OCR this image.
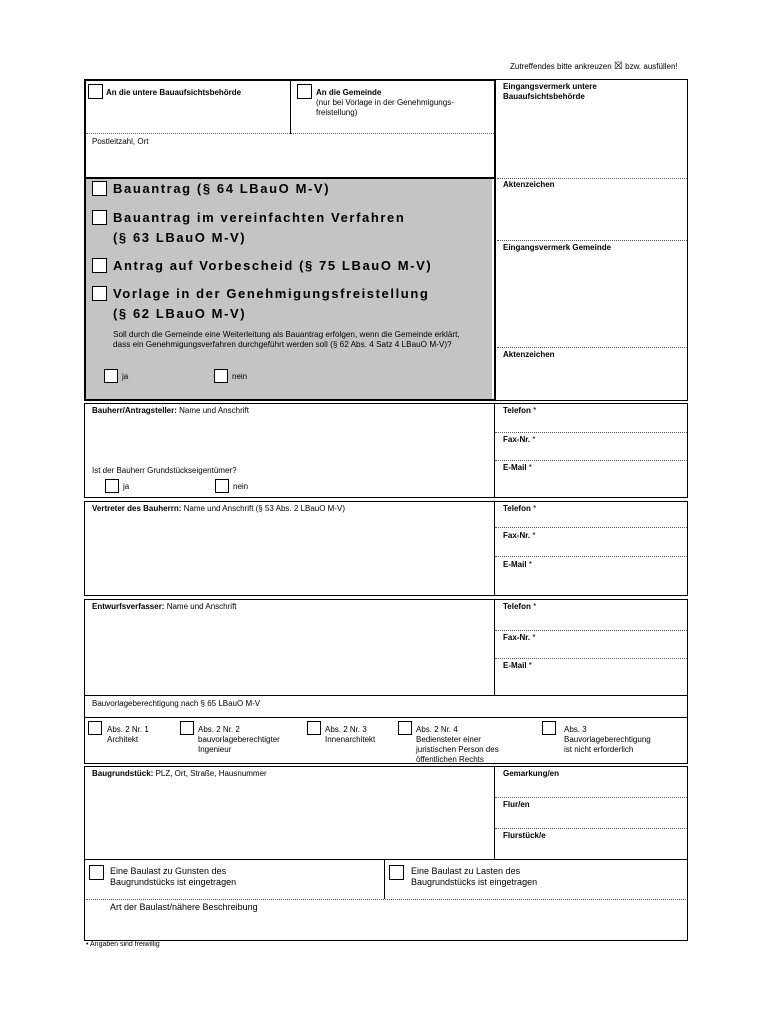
Zutreffendes bitte ankreuzen ☒ bzw. ausfüllen!
An die untere Bauaufsichtsbehörde	An die Gemeinde
(nur bei Vorlage in der Genehmigungs-freistellung)
Postleitzahl, Ort
Eingangsvermerk untere Bauaufsichtsbehörde
Aktenzeichen
Eingangsvermerk Gemeinde
Aktenzeichen
Bauantrag (§ 64 LBauO M-V)
Bauantrag im vereinfachten Verfahren
(§ 63 LBauO M-V)
Antrag auf Vorbescheid (§ 75 LBauO M-V)
Vorlage in der Genehmigungsfreistellung
(§ 62 LBauO M-V)
Soll durch die Gemeinde eine Weiterleitung als Bauantrag erfolgen, wenn die Gemeinde erklärt, dass ein Genehmigungsverfahren durchgeführt werden soll (§ 62 Abs. 4 Satz 4 LBauO M-V)?
ja	nein
Bauherr/Antragsteller: Name und Anschrift
Ist der Bauherr Grundstückseigentümer?
ja	nein
Telefon *
Fax-Nr. *
E-Mail *
Vertreter des Bauherrn: Name und Anschrift (§ 53 Abs. 2 LBauO M-V)	Telefon *
Fax-Nr. *
E-Mail *
Entwurfsverfasser: Name und Anschrift	Telefon *
Fax-Nr. *
E-Mail *
Bauvorlageberechtigung nach § 65 LBauO M-V
Abs. 2 Nr. 1
Architekt
Abs. 2 Nr. 2
bauvorlageberechtigter
Ingenieur
Abs. 2 Nr. 3
Innenarchitekt
Abs. 2 Nr. 4
Bediensteter einer
juristischen Person des
öffentlichen Rechts
Abs. 3
Bauvorlageberechtigung
ist nicht erforderlich
Baugrundstück: PLZ, Ort, Straße, Hausnummer	Gemarkung/en
Flur/en
Flurstück/e
Eine Baulast zu Gunsten des
Baugrundstücks ist eingetragen
Eine Baulast zu Lasten des
Baugrundstücks ist eingetragen
Art der Baulast/nähere Beschreibung
• Angaben sind freiwillig
